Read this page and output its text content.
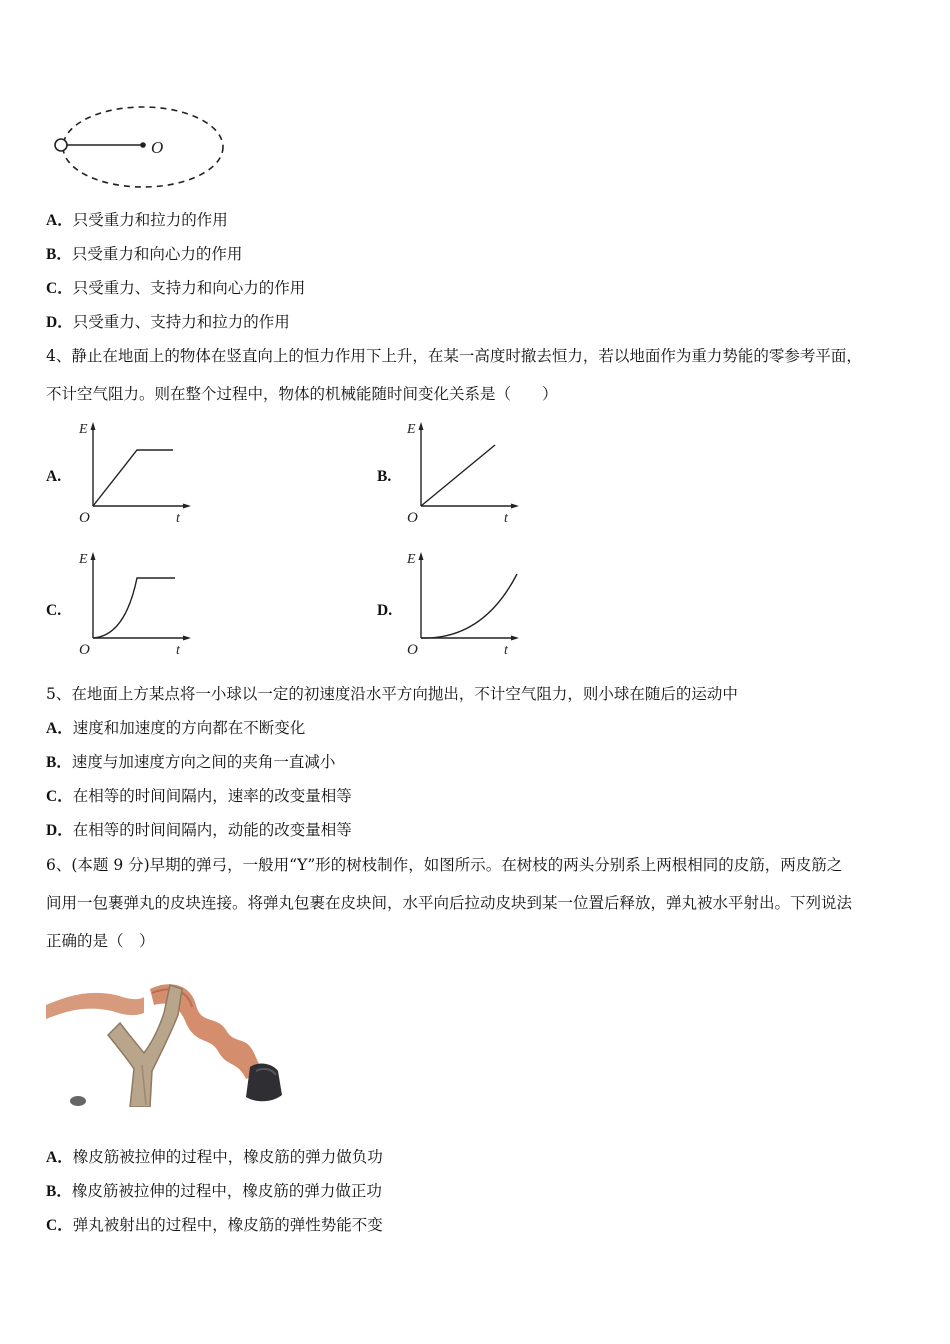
O
A．只受重力和拉力的作用
B．只受重力和向心力的作用
C．只受重力、支持力和向心力的作用
D．只受重力、支持力和拉力的作用
4、静止在地面上的物体在竖直向上的恒力作用下上升，在某一高度时撤去恒力，若以地面作为重力势能的零参考平面，
不计空气阻力。则在整个过程中，物体的机械能随时间变化关系是（　　）
A.
E
O	t
B.
E
O	t
C.
E
O	t
D.
E
O	t
5、在地面上方某点将一小球以一定的初速度沿水平方向抛出，不计空气阻力，则小球在随后的运动中
A．速度和加速度的方向都在不断变化
B．速度与加速度方向之间的夹角一直减小
C．在相等的时间间隔内，速率的改变量相等
D．在相等的时间间隔内，动能的改变量相等
6、(本题 9 分)早期的弹弓，一般用“Y”形的树枝制作，如图所示。在树枝的两头分别系上两根相同的皮筋，两皮筋之
间用一包裹弹丸的皮块连接。将弹丸包裹在皮块间，水平向后拉动皮块到某一位置后释放，弹丸被水平射出。下列说法
正确的是（　）
A．橡皮筋被拉伸的过程中，橡皮筋的弹力做负功
B．橡皮筋被拉伸的过程中，橡皮筋的弹力做正功
C．弹丸被射出的过程中，橡皮筋的弹性势能不变
